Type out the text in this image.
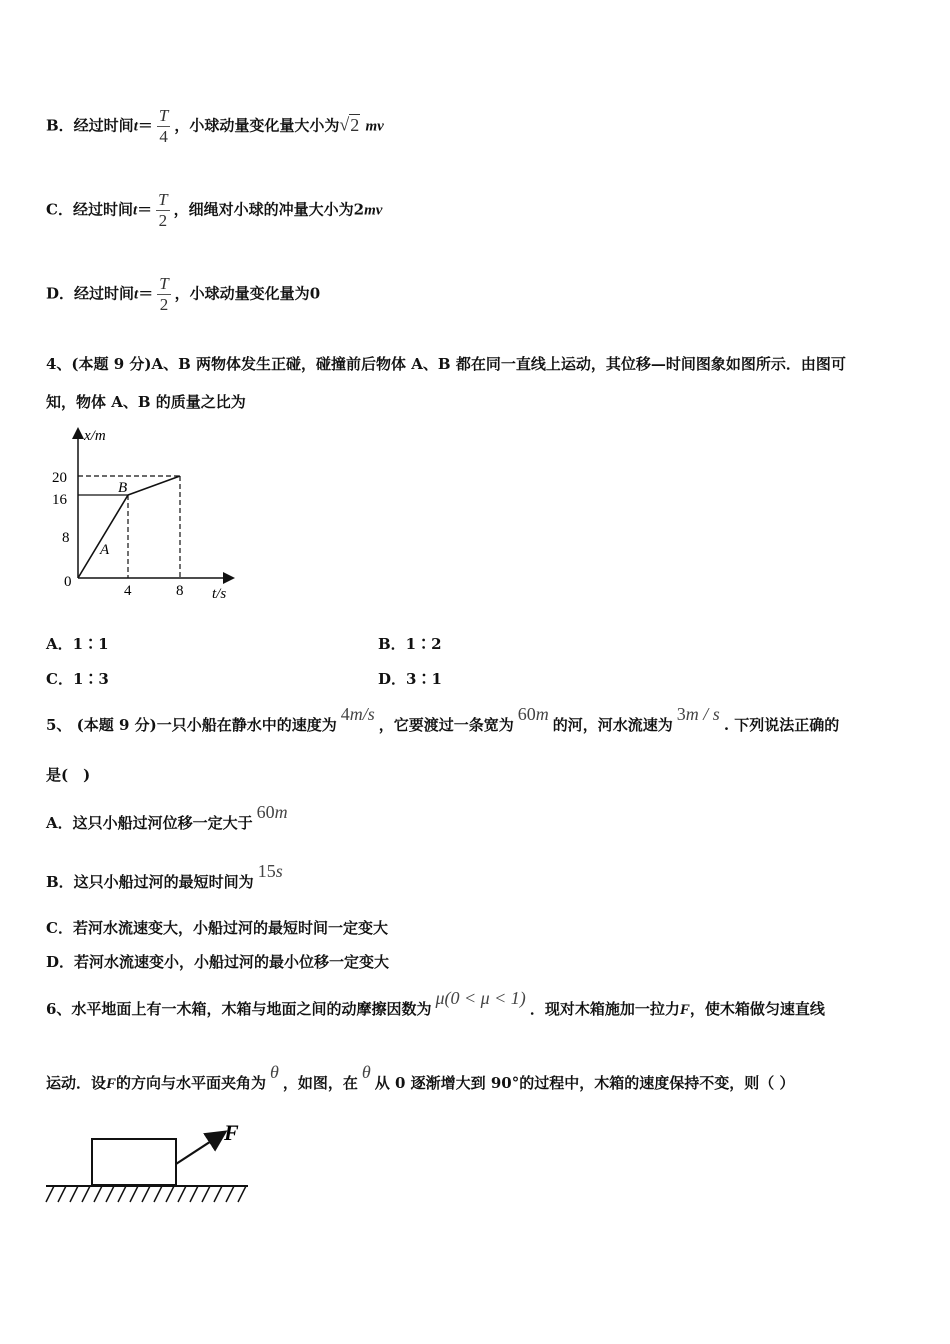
B．经过时间$t= \frac{T}{4}$ ，小球动量变化量大小为√2 mv
C．经过时间$t= \frac{T}{2}$ ，细绳对小球的冲量大小为2mv
D．经过时间$t= \frac{T}{2}$ ，小球动量变化量为0
4、(本题 9 分)A、B 两物体发生正碰，碰撞前后物体 A、B 都在同一直线上运动，其位移—时间图象如图所示．由图可
知，物体 A、B 的质量之比为
x/m
20
16
8
0
4	8 t/s
A
B
A．1∶1	B．1∶2
C．1∶3	D．3∶1
5、 (本题 9 分)一只小船在静水中的速度为4m/s，它要渡过一条宽为60m的河，河水流速为3m / s. 下列说法正确的
是(　)
A．这只小船过河位移一定大于60m
B．这只小船过河的最短时间为15s
C．若河水流速变大，小船过河的最短时间一定变大
D．若河水流速变小，小船过河的最小位移一定变大
6、水平地面上有一木箱，木箱与地面之间的动摩擦因数为μ(0 < μ < 1)．现对木箱施加一拉力F，使木箱做匀速直线
运动．设F的方向与水平面夹角为θ，如图，在θ从 0 逐渐增大到 90°的过程中，木箱的速度保持不变，则（ ）
F
